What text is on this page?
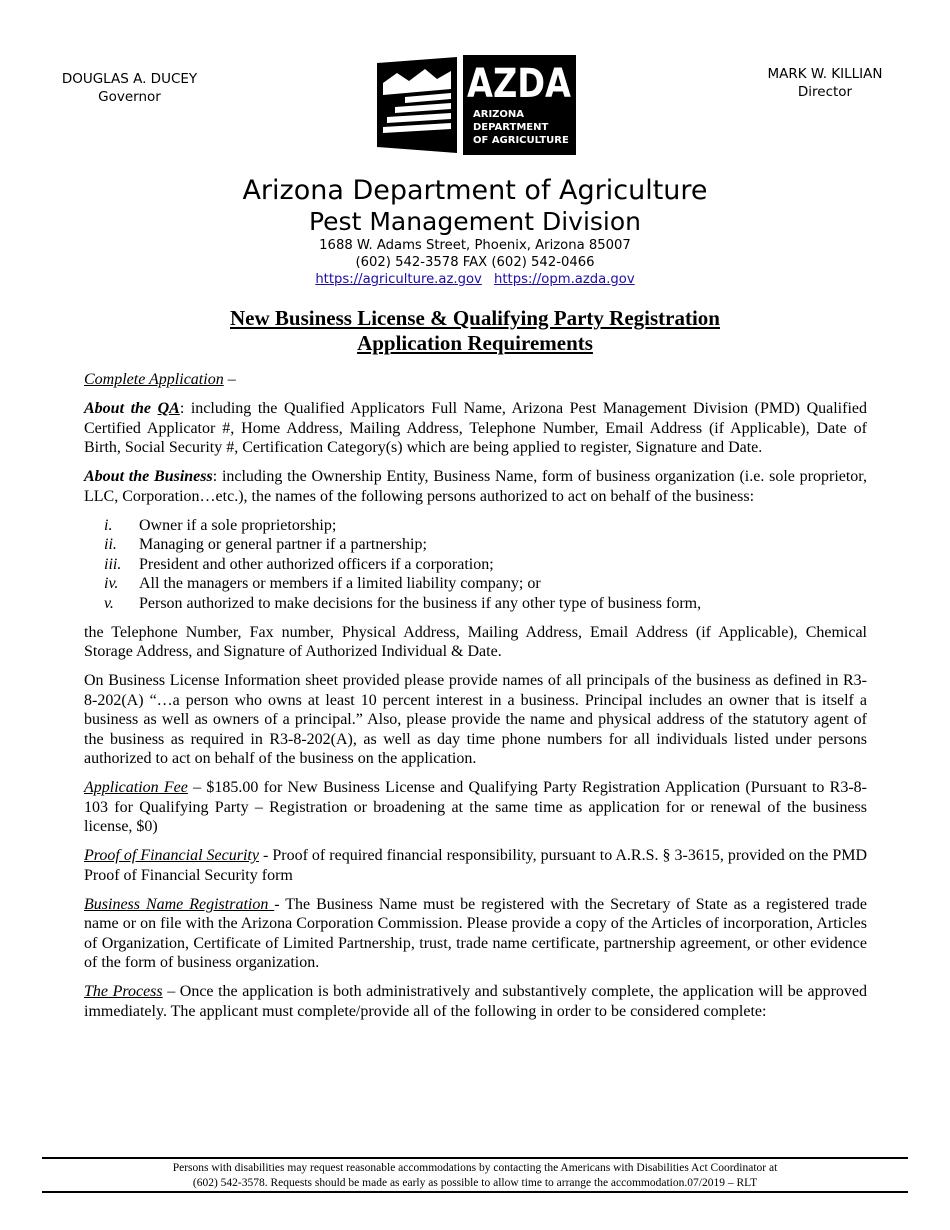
DOUGLAS A. DUCEY
Governor	AZDA
ARIZONA
DEPARTMENT
OF AGRICULTURE
MARK W. KILLIAN
Director
Arizona Department of Agriculture
Pest Management Division
1688 W. Adams Street, Phoenix, Arizona 85007
(602) 542-3578 FAX (602) 542-0466
https://agriculture.az.gov https://opm.azda.gov
New Business License & Qualifying Party Registration
Application Requirements

Complete Application –

About the QA: including the Qualified Applicators Full Name, Arizona Pest Management Division (PMD) Qualified Certified Applicator #, Home Address, Mailing Address, Telephone Number, Email Address (if Applicable), Date of Birth, Social Security #, Certification Category(s) which are being applied to register, Signature and Date.

About the Business: including the Ownership Entity, Business Name, form of business organization (i.e. sole proprietor, LLC, Corporation…etc.), the names of the following persons authorized to act on behalf of the business:

i. Owner if a sole proprietorship;
ii. Managing or general partner if a partnership;
iii. President and other authorized officers if a corporation;
iv. All the managers or members if a limited liability company; or
v. Person authorized to make decisions for the business if any other type of business form,

the Telephone Number, Fax number, Physical Address, Mailing Address, Email Address (if Applicable), Chemical Storage Address, and Signature of Authorized Individual & Date.

On Business License Information sheet provided please provide names of all principals of the business as defined in R3-8-202(A) “…a person who owns at least 10 percent interest in a business. Principal includes an owner that is itself a business as well as owners of a principal.” Also, please provide the name and physical address of the statutory agent of the business as required in R3-8-202(A), as well as day time phone numbers for all individuals listed under persons authorized to act on behalf of the business on the application.

Application Fee – $185.00 for New Business License and Qualifying Party Registration Application (Pursuant to R3-8-103 for Qualifying Party – Registration or broadening at the same time as application for or renewal of the business license, $0)

Proof of Financial Security - Proof of required financial responsibility, pursuant to A.R.S. § 3-3615, provided on the PMD Proof of Financial Security form

Business Name Registration - The Business Name must be registered with the Secretary of State as a registered trade name or on file with the Arizona Corporation Commission. Please provide a copy of the Articles of incorporation, Articles of Organization, Certificate of Limited Partnership, trust, trade name certificate, partnership agreement, or other evidence of the form of business organization.

The Process – Once the application is both administratively and substantively complete, the application will be approved immediately. The applicant must complete/provide all of the following in order to be considered complete:

Persons with disabilities may request reasonable accommodations by contacting the Americans with Disabilities Act Coordinator at
(602) 542-3578. Requests should be made as early as possible to allow time to arrange the accommodation.07/2019 – RLT
